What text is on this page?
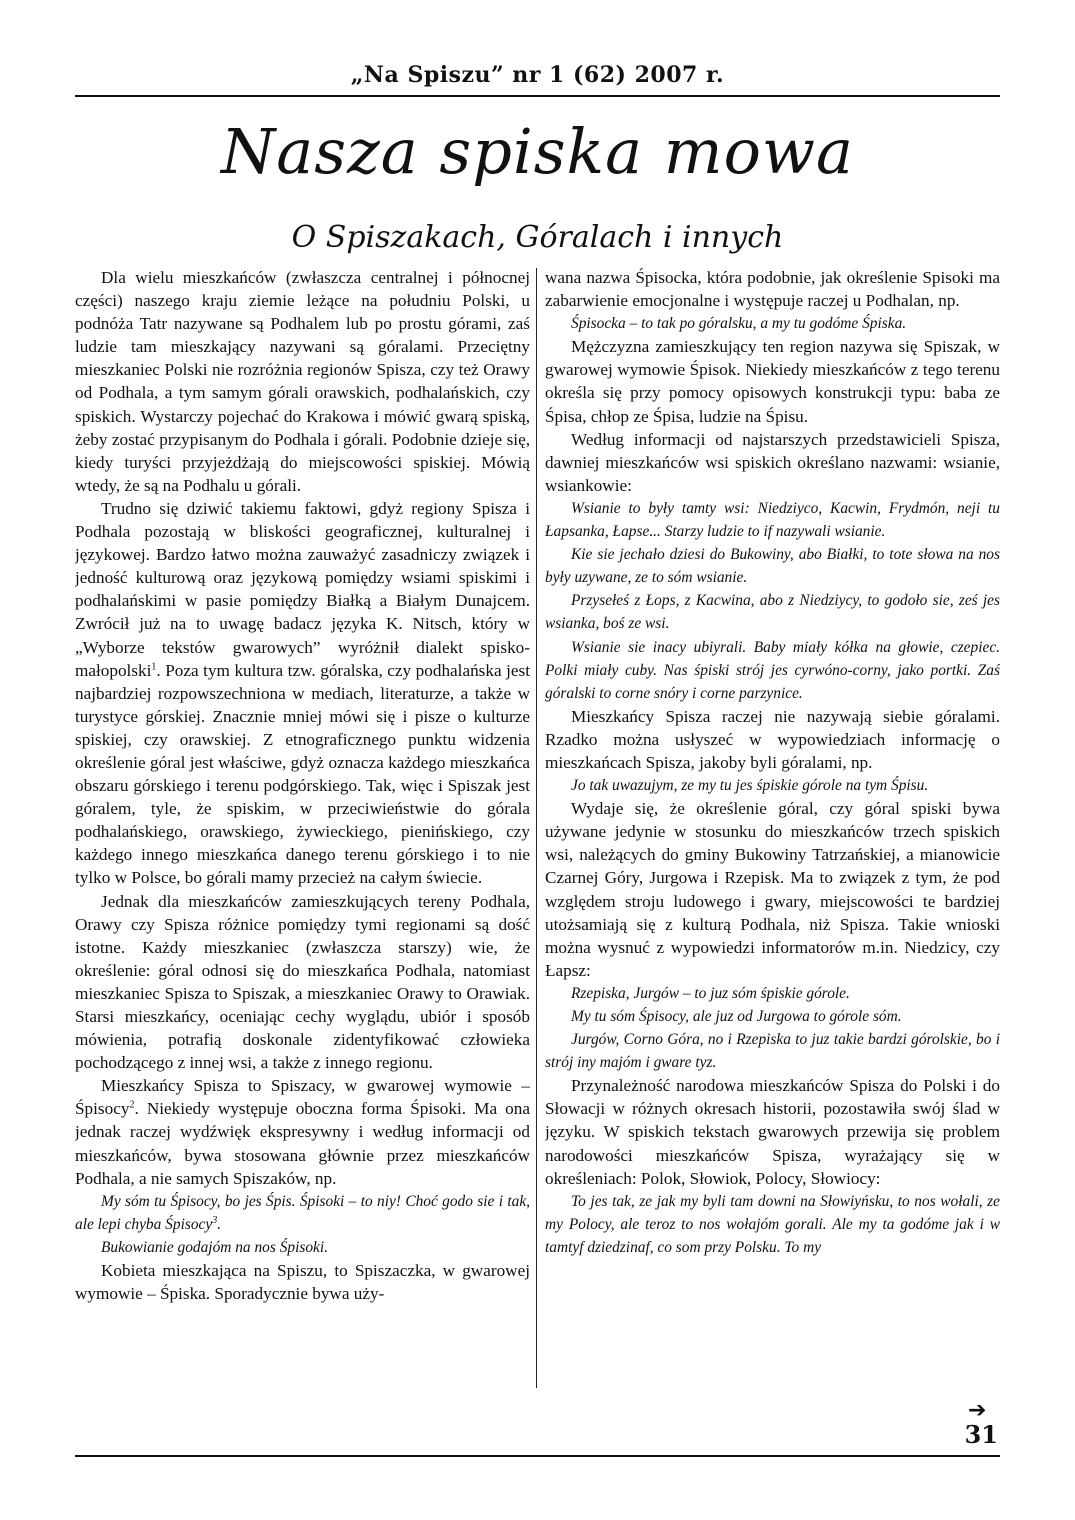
„Na Spiszu” nr 1 (62) 2007 r.
Nasza spiska mowa
O Spiszakach, Góralach i innych

Dla wielu mieszkańców (zwłaszcza centralnej i północnej części) naszego kraju ziemie leżące na południu Polski, u podnóża Tatr nazywane są Podhalem lub po prostu górami, zaś ludzie tam mieszkający nazywani są góralami. Przeciętny mieszkaniec Polski nie rozróżnia regionów Spisza, czy też Orawy od Podhala, a tym samym górali orawskich, podhalańskich, czy spiskich. Wystarczy pojechać do Krakowa i mówić gwarą spiską, żeby zostać przypisanym do Podhala i górali. Podobnie dzieje się, kiedy turyści przyjeżdżają do miejscowości spiskiej. Mówią wtedy, że są na Podhalu u górali.

Trudno się dziwić takiemu faktowi, gdyż regiony Spisza i Podhala pozostają w bliskości geograficznej, kulturalnej i językowej. Bardzo łatwo można zauważyć zasadniczy związek i jedność kulturową oraz językową pomiędzy wsiami spiskimi i podhalańskimi w pasie pomiędzy Białką a Białym Dunajcem. Zwrócił już na to uwagę badacz języka K. Nitsch, który w „Wyborze tekstów gwarowych” wyróżnił dialekt spisko-małopolski$^1$. Poza tym kultura tzw. góralska, czy podhalańska jest najbardziej rozpowszechniona w mediach, literaturze, a także w turystyce górskiej. Znacznie mniej mówi się i pisze o kulturze spiskiej, czy orawskiej. Z etnograficznego punktu widzenia określenie góral jest właściwe, gdyż oznacza każdego mieszkańca obszaru górskiego i terenu podgórskiego. Tak, więc i Spiszak jest góralem, tyle, że spiskim, w przeciwieństwie do górala podhalańskiego, orawskiego, żywieckiego, pienińskiego, czy każdego innego mieszkańca danego terenu górskiego i to nie tylko w Polsce, bo górali mamy przecież na całym świecie.

Jednak dla mieszkańców zamieszkujących tereny Podhala, Orawy czy Spisza różnice pomiędzy tymi regionami są dość istotne. Każdy mieszkaniec (zwłaszcza starszy) wie, że określenie: góral odnosi się do mieszkańca Podhala, natomiast mieszkaniec Spisza to Spiszak, a mieszkaniec Orawy to Orawiak. Starsi mieszkańcy, oceniając cechy wyglądu, ubiór i sposób mówienia, potrafią doskonale zidentyfikować człowieka pochodzącego z innej wsi, a także z innego regionu.

Mieszkańcy Spisza to Spiszacy, w gwarowej wymowie – Śpisocy$^2$. Niekiedy występuje oboczna forma Śpisoki. Ma ona jednak raczej wydźwięk ekspresywny i według informacji od mieszkańców, bywa stosowana głównie przez mieszkańców Podhala, a nie samych Spiszaków, np.

My sóm tu Śpisocy, bo jes Śpis. Śpisoki – to niy! Choć godo sie i tak, ale lepi chyba Śpisocy$^3$.

Bukowianie godajóm na nos Śpisoki.

Kobieta mieszkająca na Spiszu, to Spiszaczka, w gwarowej wymowie – Śpiska. Sporadycznie bywa uży-

wana nazwa Śpisocka, która podobnie, jak określenie Spisoki ma zabarwienie emocjonalne i występuje raczej u Podhalan, np.

Śpisocka – to tak po góralsku, a my tu godóme Śpiska.

Mężczyzna zamieszkujący ten region nazywa się Spiszak, w gwarowej wymowie Śpisok. Niekiedy mieszkańców z tego terenu określa się przy pomocy opisowych konstrukcji typu: baba ze Śpisa, chłop ze Śpisa, ludzie na Śpisu.

Według informacji od najstarszych przedstawicieli Spisza, dawniej mieszkańców wsi spiskich określano nazwami: wsianie, wsiankowie:

Wsianie to były tamty wsi: Niedziyco, Kacwin, Frydmón, neji tu Łapsanka, Łapse... Starzy ludzie to if nazywali wsianie.

Kie sie jechało dziesi do Bukowiny, abo Białki, to tote słowa na nos były uzywane, ze to sóm wsianie.

Przysełeś z Łops, z Kacwina, abo z Niedziycy, to godoło sie, ześ jes wsianka, boś ze wsi.

Wsianie sie inacy ubiyrali. Baby miały kółka na głowie, czepiec. Polki miały cuby. Nas śpiski strój jes cyrwóno-corny, jako portki. Zaś góralski to corne snóry i corne parzynice.

Mieszkańcy Spisza raczej nie nazywają siebie góralami. Rzadko można usłyszeć w wypowiedziach informację o mieszkańcach Spisza, jakoby byli góralami, np.

Jo tak uwazujym, ze my tu jes śpiskie górole na tym Śpisu.

Wydaje się, że określenie góral, czy góral spiski bywa używane jedynie w stosunku do mieszkańców trzech spiskich wsi, należących do gminy Bukowiny Tatrzańskiej, a mianowicie Czarnej Góry, Jurgowa i Rzepisk. Ma to związek z tym, że pod względem stroju ludowego i gwary, miejscowości te bardziej utożsamiają się z kulturą Podhala, niż Spisza. Takie wnioski można wysnuć z wypowiedzi informatorów m.in. Niedzicy, czy Łapsz:

Rzepiska, Jurgów – to juz sóm śpiskie górole.

My tu sóm Śpisocy, ale juz od Jurgowa to górole sóm.

Jurgów, Corno Góra, no i Rzepiska to juz takie bardzi górolskie, bo i strój iny majóm i gware tyz.

Przynależność narodowa mieszkańców Spisza do Polski i do Słowacji w różnych okresach historii, pozostawiła swój ślad w języku. W spiskich tekstach gwarowych przewija się problem narodowości mieszkańców Spisza, wyrażający się w określeniach: Polok, Słowiok, Polocy, Słowiocy:

To jes tak, ze jak my byli tam downi na Słowiyńsku, to nos wołali, ze my Polocy, ale teroz to nos wołajóm gorali. Ale my ta godóme jak i w tamtyf dziedzinaf, co som przy Polsku. To my

➔
31
